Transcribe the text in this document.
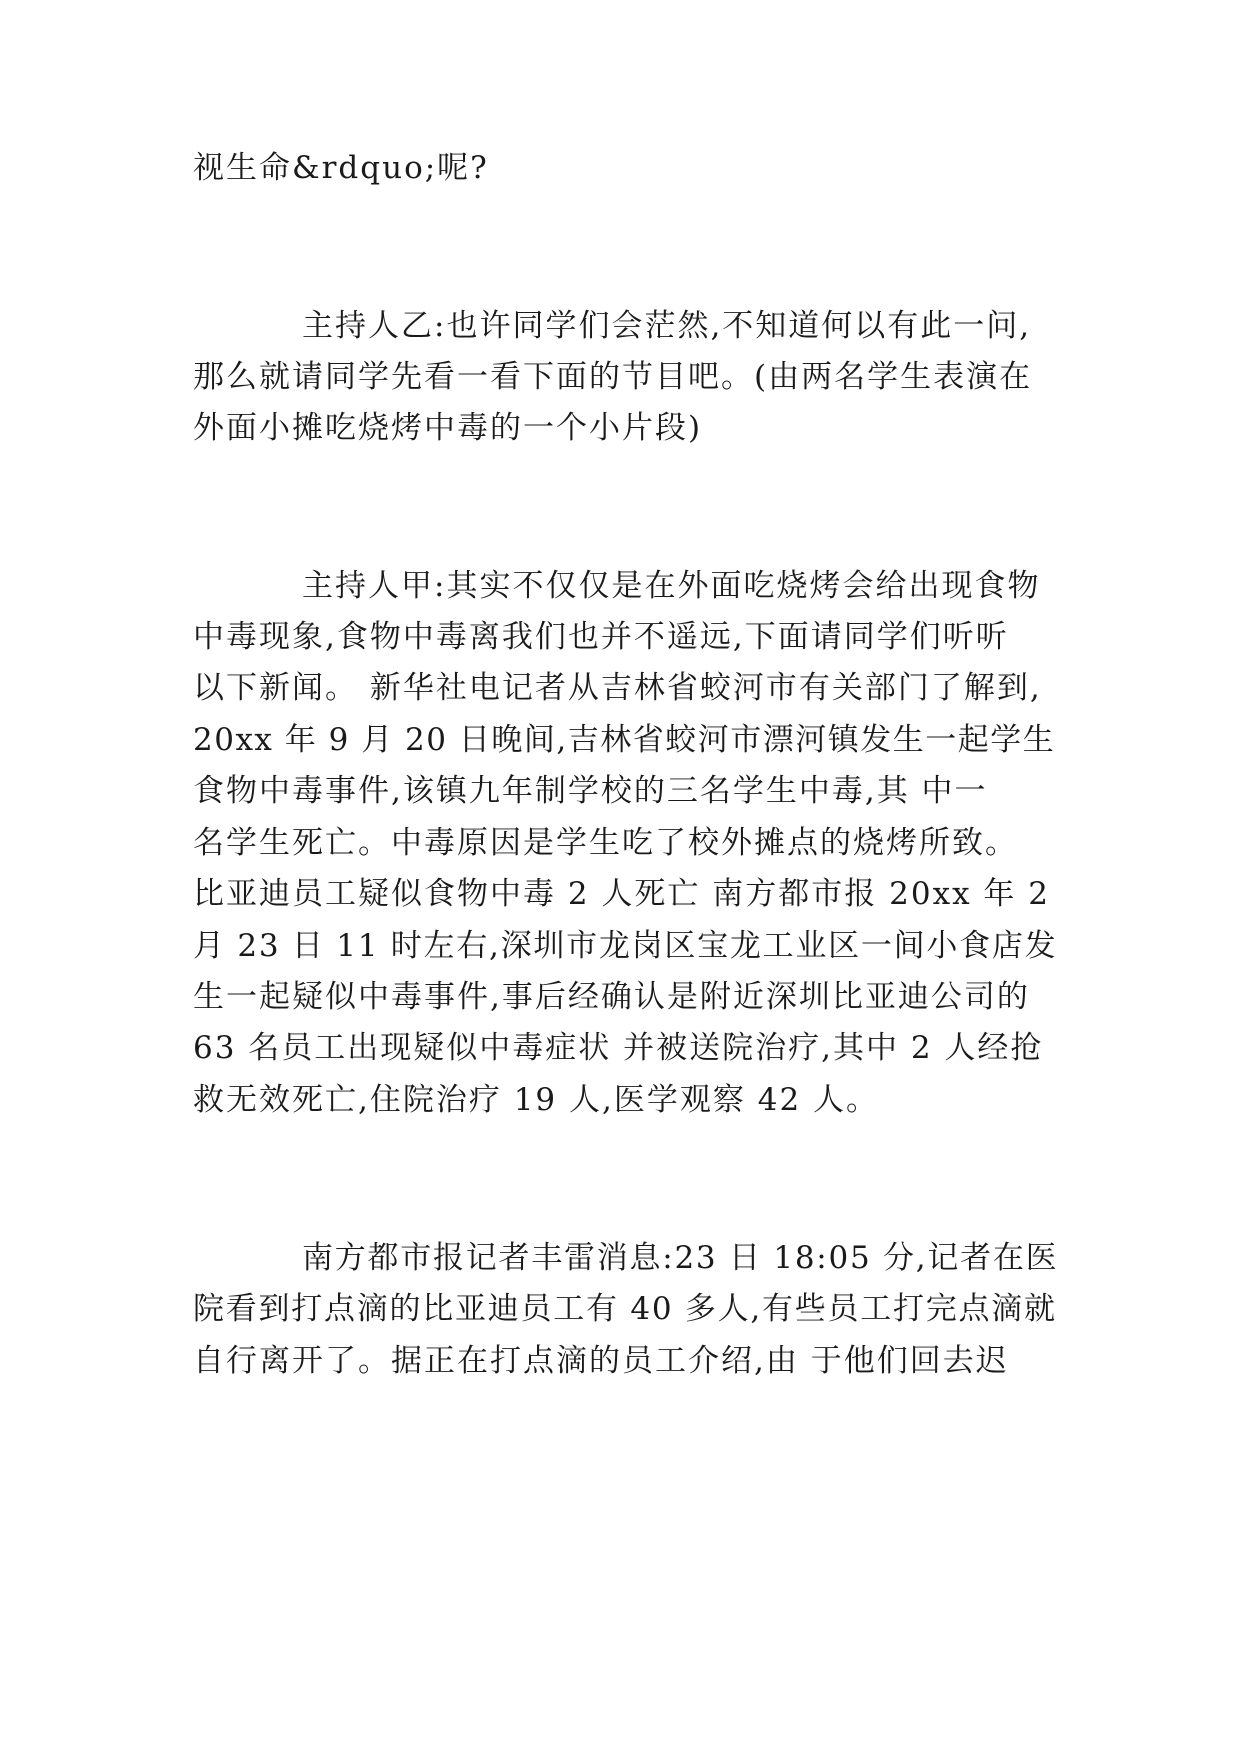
视生命&rdquo;呢?
主持人乙:也许同学们会茫然,不知道何以有此一问,
那么就请同学先看一看下面的节目吧。(由两名学生表演在
外面小摊吃烧烤中毒的一个小片段)
主持人甲:其实不仅仅是在外面吃烧烤会给出现食物
中毒现象,食物中毒离我们也并不遥远,下面请同学们听听
以下新闻。 新华社电记者从吉林省蛟河市有关部门了解到,
20xx 年 9 月 20 日晚间,吉林省蛟河市漂河镇发生一起学生
食物中毒事件,该镇九年制学校的三名学生中毒,其 中一
名学生死亡。中毒原因是学生吃了校外摊点的烧烤所致。
比亚迪员工疑似食物中毒 2 人死亡 南方都市报 20xx 年 2
月 23 日 11 时左右,深圳市龙岗区宝龙工业区一间小食店发
生一起疑似中毒事件,事后经确认是附近深圳比亚迪公司的
63 名员工出现疑似中毒症状 并被送院治疗,其中 2 人经抢
救无效死亡,住院治疗 19 人,医学观察 42 人。
南方都市报记者丰雷消息:23 日 18:05 分,记者在医
院看到打点滴的比亚迪员工有 40 多人,有些员工打完点滴就
自行离开了。据正在打点滴的员工介绍,由 于他们回去迟
